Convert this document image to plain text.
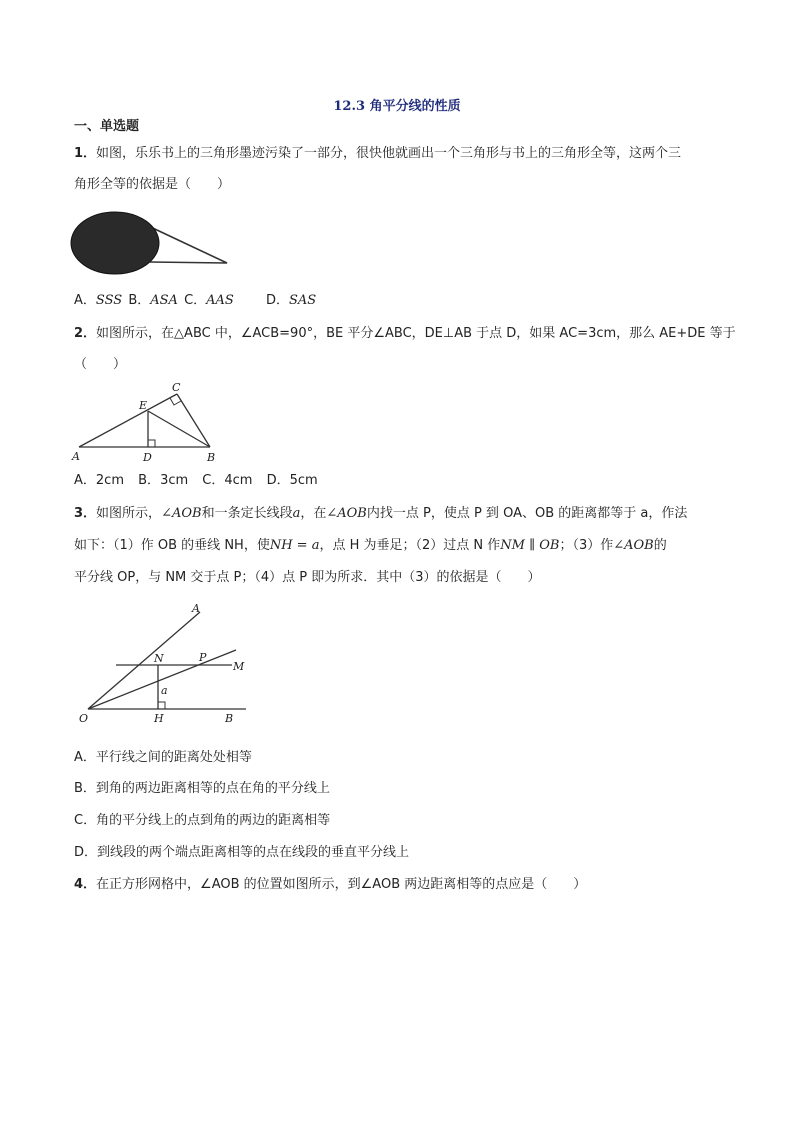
12.3 角平分线的性质
一、单选题
1．如图，乐乐书上的三角形墨迹污染了一部分，很快他就画出一个三角形与书上的三角形全等，这两个三
角形全等的依据是（　　）
A．SSS B．ASA C．AAS D．SAS
2．如图所示，在△ABC 中，∠ACB=90°，BE 平分∠ABC，DE⊥AB 于点 D，如果 AC=3cm，那么 AE+DE 等于
（　　）
A	D	B
E
C
A．2cm B．3cm C．4cm D．5cm
3．如图所示，∠AOB和一条定长线段a，在∠AOB内找一点 P，使点 P 到 OA、OB 的距离都等于 a，作法
如下：（1）作 OB 的垂线 NH，使NH = a，点 H 为垂足；（2）过点 N 作NM ∥ OB；（3）作∠AOB的
平分线 OP，与 NM 交于点 P；（4）点 P 即为所求．其中（3）的依据是（　　）
A
N	P
M
a
O	H	B
A．平行线之间的距离处处相等
B．到角的两边距离相等的点在角的平分线上
C．角的平分线上的点到角的两边的距离相等
D．到线段的两个端点距离相等的点在线段的垂直平分线上
4．在正方形网格中，∠AOB 的位置如图所示，到∠AOB 两边距离相等的点应是（　　）
